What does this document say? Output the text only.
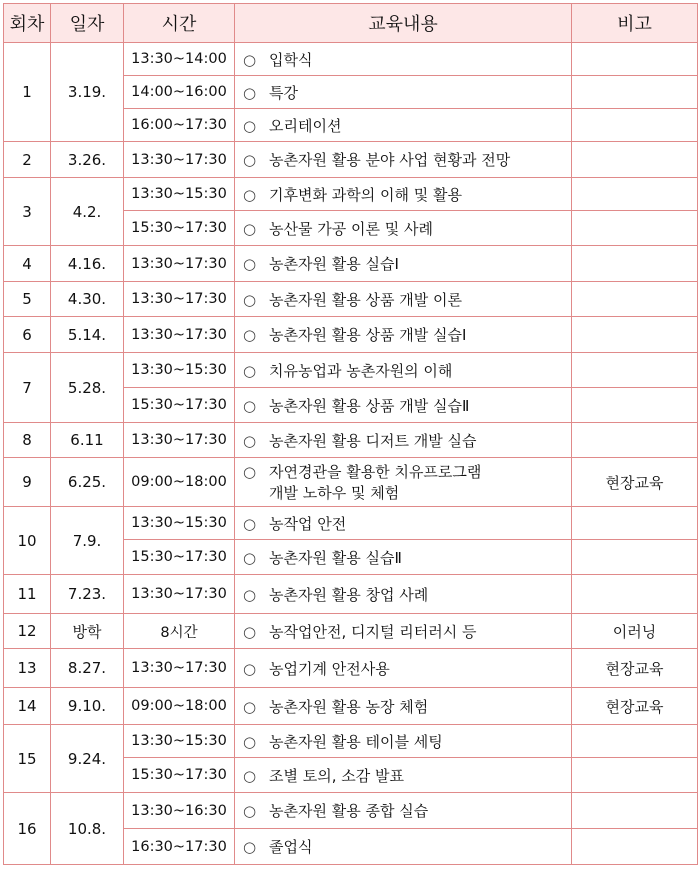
회차	일자	시간	교육내용	비고
1	3.19.	13:30~14:00	○ 입학식	

		14:00~16:00	○ 특강	

		16:00~17:30	○ 오리테이션	

2	3.26.	13:30~17:30	○ 농촌자원 활용 분야 사업 현황과 전망	

3	4.2.	13:30~15:30	○ 기후변화 과학의 이해 및 활용	

		15:30~17:30	○ 농산물 가공 이론 및 사례	

4	4.16.	13:30~17:30	○ 농촌자원 활용 실습Ⅰ	

5	4.30.	13:30~17:30	○ 농촌자원 활용 상품 개발 이론	

6	5.14.	13:30~17:30	○ 농촌자원 활용 상품 개발 실습Ⅰ	

7	5.28.	13:30~15:30	○ 치유농업과 농촌자원의 이해	

		15:30~17:30	○ 농촌자원 활용 상품 개발 실습Ⅱ	

8	6.11	13:30~17:30	○ 농촌자원 활용 디저트 개발 실습	

9	6.25.	09:00~18:00	○ 자연경관을 활용한 치유프로그램
개발 노하우 및 체험	현장교육
10	7.9.	13:30~15:30	○ 농작업 안전	

		15:30~17:30	○ 농촌자원 활용 실습Ⅱ	

11	7.23.	13:30~17:30	○ 농촌자원 활용 창업 사례	

12	방학	8시간	○ 농작업안전, 디지털 리터러시 등	이러닝
13	8.27.	13:30~17:30	○ 농업기계 안전사용	현장교육
14	9.10.	09:00~18:00	○ 농촌자원 활용 농장 체험	현장교육
15	9.24.	13:30~15:30	○ 농촌자원 활용 테이블 세팅	

		15:30~17:30	○ 조별 토의, 소감 발표	

16	10.8.	13:30~16:30	○ 농촌자원 활용 종합 실습	

		16:30~17:30	○ 졸업식	
